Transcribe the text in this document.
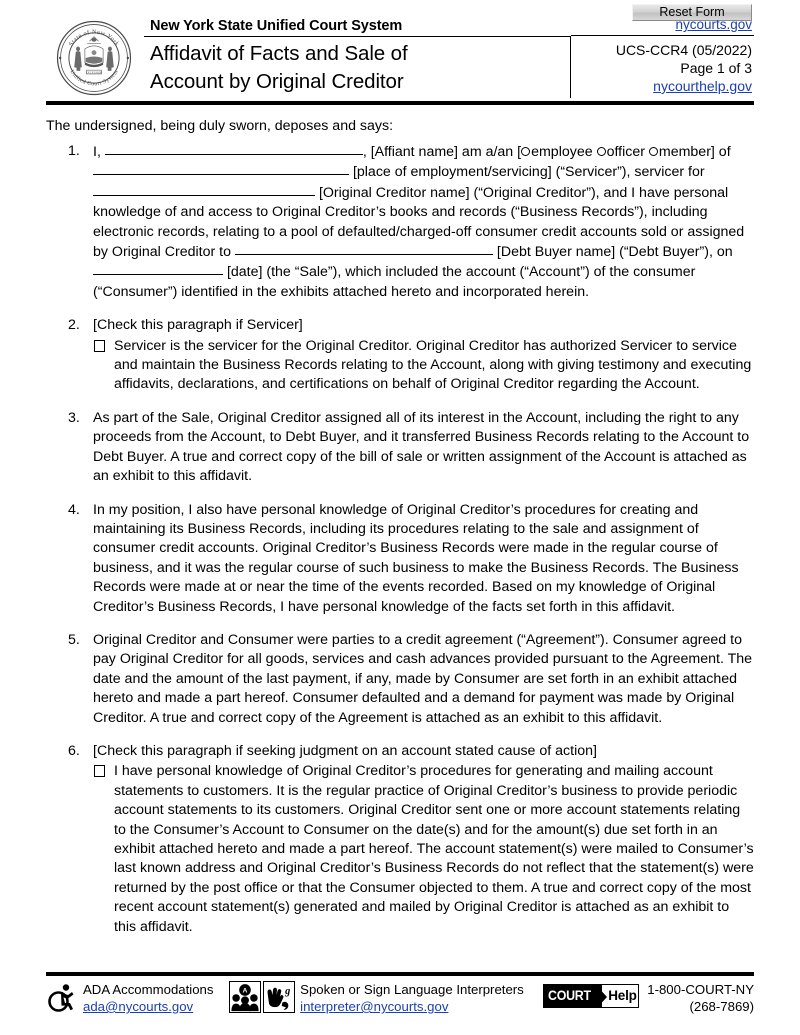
Reset Form
State of New York
Unified Court System
EXCELSIOR
New York State Unified Court System
Affidavit of Facts and Sale of
Account by Original Creditor
nycourts.gov
UCS-CCR4 (05/2022)
Page 1 of 3
nycourthelp.gov
The undersigned, being duly sworn, deposes and says:
1. I,	, [Affiant name] am a/an [ employee officer member] of  [place of employment/servicing] (“Servicer”), servicer for  [Original Creditor name] (“Original Creditor”), and I have personal knowledge of and access to Original Creditor’s books and records (“Business Records”), including electronic records, relating to a pool of defaulted/charged-off consumer credit accounts sold or assigned by Original Creditor to	[Debt Buyer name] (“Debt Buyer”), on  [date] (the “Sale”), which included the account (“Account”) of the consumer (“Consumer”) identified in the exhibits attached hereto and incorporated herein.

2. [Check this paragraph if Servicer]
Servicer is the servicer for the Original Creditor. Original Creditor has authorized Servicer to service and maintain the Business Records relating to the Account, along with giving testimony and executing affidavits, declarations, and certifications on behalf of Original Creditor regarding the Account.
3. As part of the Sale, Original Creditor assigned all of its interest in the Account, including the right to any proceeds from the Account, to Debt Buyer, and it transferred Business Records relating to the Account to Debt Buyer. A true and correct copy of the bill of sale or written assignment of the Account is attached as an exhibit to this affidavit.

4. In my position, I also have personal knowledge of Original Creditor’s procedures for creating and maintaining its Business Records, including its procedures relating to the sale and assignment of consumer credit accounts. Original Creditor’s Business Records were made in the regular course of business, and it was the regular course of such business to make the Business Records. The Business Records were made at or near the time of the events recorded. Based on my knowledge of Original Creditor’s Business Records, I have personal knowledge of the facts set forth in this affidavit.

5. Original Creditor and Consumer were parties to a credit agreement (“Agreement”). Consumer agreed to pay Original Creditor for all goods, services and cash advances provided pursuant to the Agreement. The date and the amount of the last payment, if any, made by Consumer are set forth in an exhibit attached hereto and made a part hereof. Consumer defaulted and a demand for payment was made by Original Creditor. A true and correct copy of the Agreement is attached as an exhibit to this affidavit.

6. [Check this paragraph if seeking judgment on an account stated cause of action]
I have personal knowledge of Original Creditor’s procedures for generating and mailing account statements to customers. It is the regular practice of Original Creditor’s business to provide periodic account statements to its customers. Original Creditor sent one or more account statements relating to the Consumer’s Account to Consumer on the date(s) and for the amount(s) due set forth in an exhibit attached hereto and made a part hereof. The account statement(s) were mailed to Consumer’s last known address and Original Creditor’s Business Records do not reflect that the statement(s) were returned by the post office or that the Consumer objected to them. A true and correct copy of the most recent account statement(s) generated and mailed by Original Creditor is attached as an exhibit to this affidavit.
ADA Accommodations
ada@nycourts.gov
A	g Spoken or Sign Language Interpreters
interpreter@nycourts.gov
COURT Help 1-800-COURT-NY
(268-7869)
